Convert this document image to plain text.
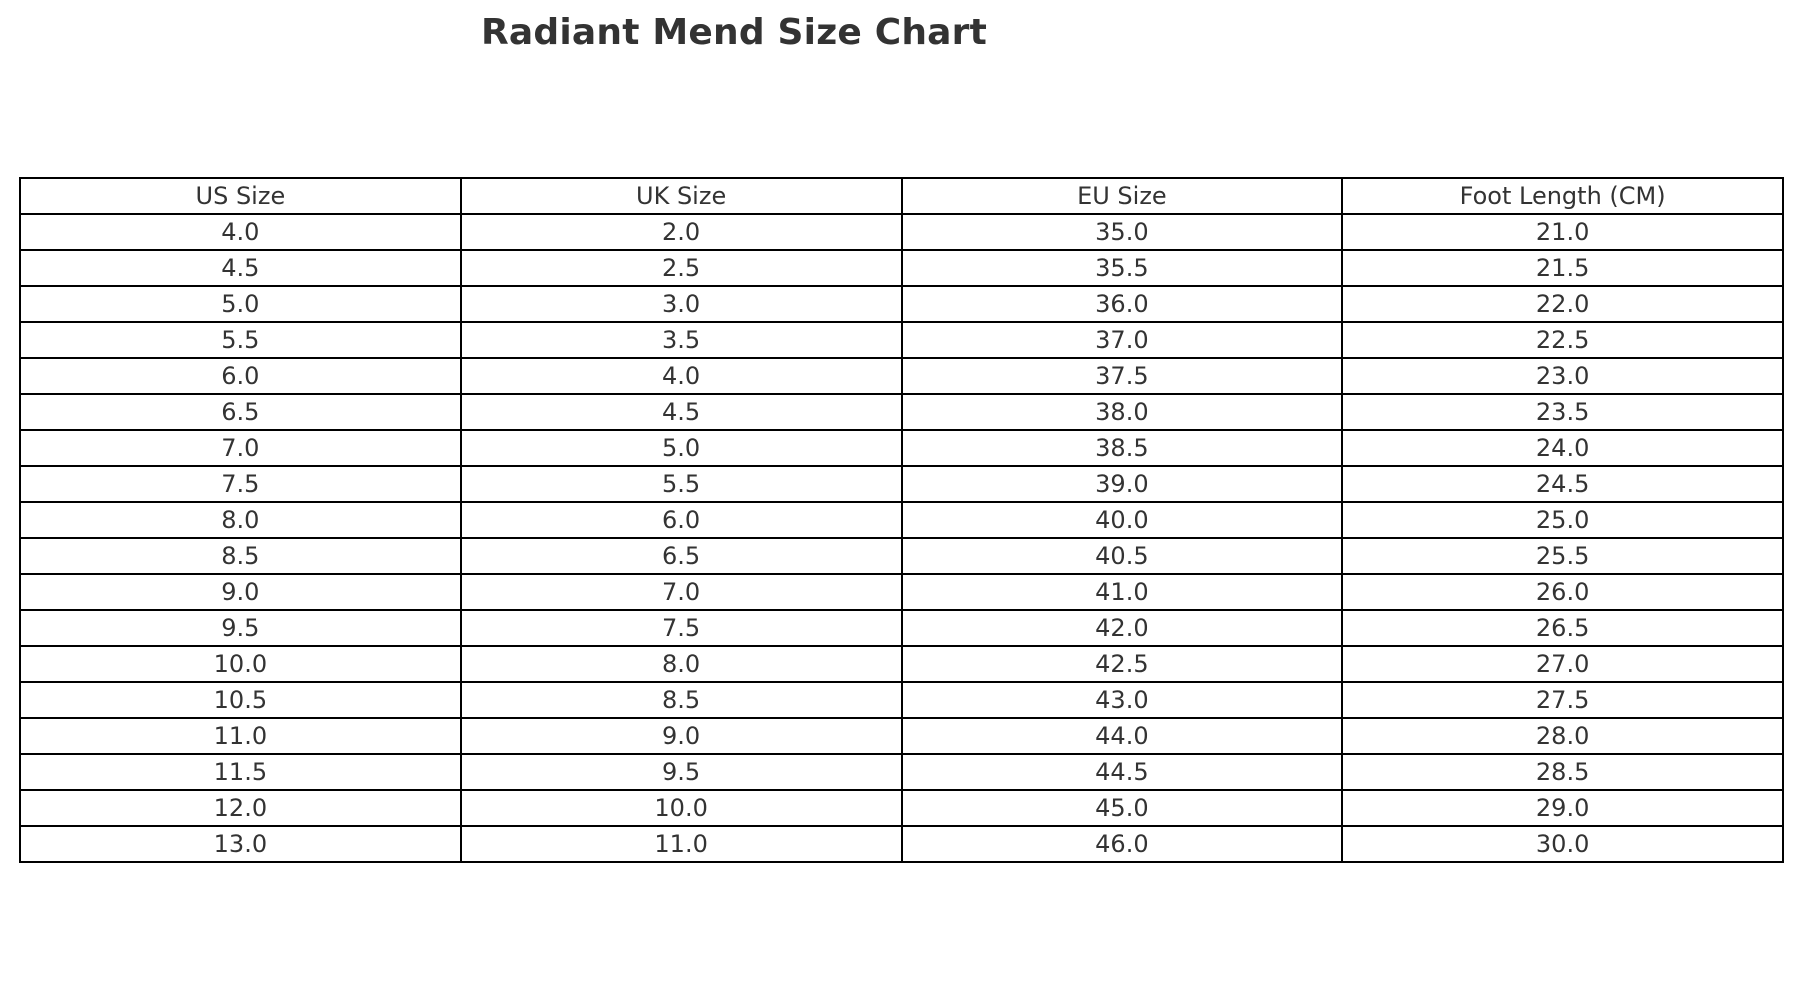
Radiant Mend Size Chart
US Size	UK Size	EU Size	Foot Length (CM)
4.0	2.0	35.0	21.0
4.5	2.5	35.5	21.5
5.0	3.0	36.0	22.0
5.5	3.5	37.0	22.5
6.0	4.0	37.5	23.0
6.5	4.5	38.0	23.5
7.0	5.0	38.5	24.0
7.5	5.5	39.0	24.5
8.0	6.0	40.0	25.0
8.5	6.5	40.5	25.5
9.0	7.0	41.0	26.0
9.5	7.5	42.0	26.5
10.0	8.0	42.5	27.0
10.5	8.5	43.0	27.5
11.0	9.0	44.0	28.0
11.5	9.5	44.5	28.5
12.0	10.0	45.0	29.0
13.0	11.0	46.0	30.0
